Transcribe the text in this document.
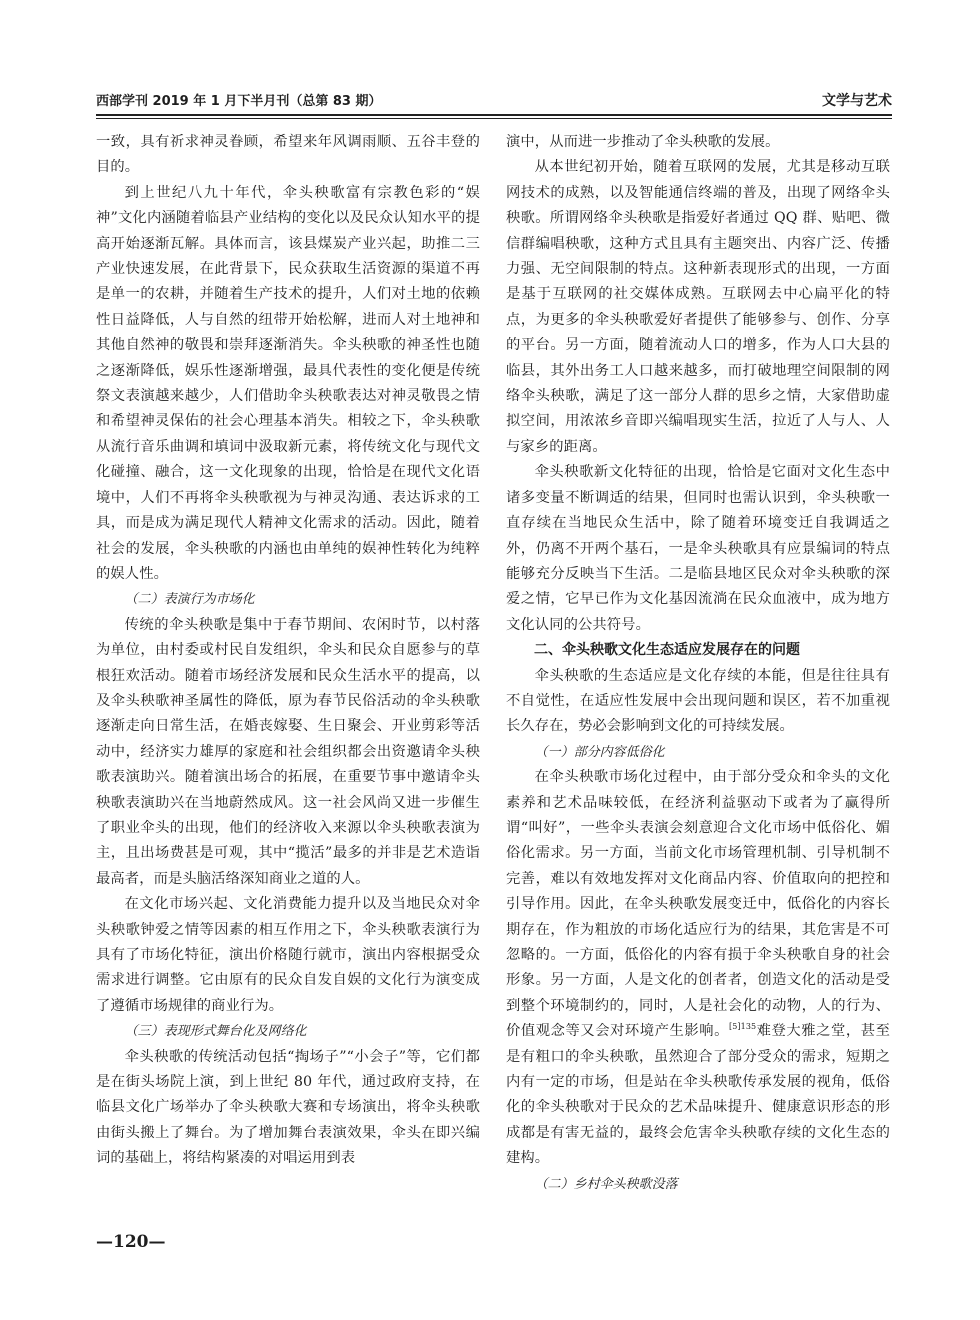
西部学刊 2019 年 1 月下半月刊（总第 83 期）	文学与艺术

一致，具有祈求神灵眷顾，希望来年风调雨顺、五谷丰登的目的。

到上世纪八九十年代，伞头秧歌富有宗教色彩的“娱神”文化内涵随着临县产业结构的变化以及民众认知水平的提高开始逐渐瓦解。具体而言，该县煤炭产业兴起，助推二三产业快速发展，在此背景下，民众获取生活资源的渠道不再是单一的农耕，并随着生产技术的提升，人们对土地的依赖性日益降低，人与自然的纽带开始松解，进而人对土地神和其他自然神的敬畏和崇拜逐渐消失。伞头秧歌的神圣性也随之逐渐降低，娱乐性逐渐增强，最具代表性的变化便是传统祭文表演越来越少，人们借助伞头秧歌表达对神灵敬畏之情和希望神灵保佑的社会心理基本消失。相较之下，伞头秧歌从流行音乐曲调和填词中汲取新元素，将传统文化与现代文化碰撞、融合，这一文化现象的出现，恰恰是在现代文化语境中，人们不再将伞头秧歌视为与神灵沟通、表达诉求的工具，而是成为满足现代人精神文化需求的活动。因此，随着社会的发展，伞头秧歌的内涵也由单纯的娱神性转化为纯粹的娱人性。

（二）表演行为市场化

传统的伞头秧歌是集中于春节期间、农闲时节，以村落为单位，由村委或村民自发组织，伞头和民众自愿参与的草根狂欢活动。随着市场经济发展和民众生活水平的提高，以及伞头秧歌神圣属性的降低，原为春节民俗活动的伞头秧歌逐渐走向日常生活，在婚丧嫁娶、生日聚会、开业剪彩等活动中，经济实力雄厚的家庭和社会组织都会出资邀请伞头秧歌表演助兴。随着演出场合的拓展，在重要节事中邀请伞头秧歌表演助兴在当地蔚然成风。这一社会风尚又进一步催生了职业伞头的出现，他们的经济收入来源以伞头秧歌表演为主，且出场费甚是可观，其中“揽活”最多的并非是艺术造诣最高者，而是头脑活络深知商业之道的人。

在文化市场兴起、文化消费能力提升以及当地民众对伞头秧歌钟爱之情等因素的相互作用之下，伞头秧歌表演行为具有了市场化特征，演出价格随行就市，演出内容根据受众需求进行调整。它由原有的民众自发自娱的文化行为演变成了遵循市场规律的商业行为。

（三）表现形式舞台化及网络化

伞头秧歌的传统活动包括“掏场子”“小会子”等，它们都是在街头场院上演，到上世纪 80 年代，通过政府支持，在临县文化广场举办了伞头秧歌大赛和专场演出，将伞头秧歌由街头搬上了舞台。为了增加舞台表演效果，伞头在即兴编词的基础上，将结构紧凑的对唱运用到表

演中，从而进一步推动了伞头秧歌的发展。

从本世纪初开始，随着互联网的发展，尤其是移动互联网技术的成熟，以及智能通信终端的普及，出现了网络伞头秧歌。所谓网络伞头秧歌是指爱好者通过 QQ 群、贴吧、微信群编唱秧歌，这种方式且具有主题突出、内容广泛、传播力强、无空间限制的特点。这种新表现形式的出现，一方面是基于互联网的社交媒体成熟。互联网去中心扁平化的特点，为更多的伞头秧歌爱好者提供了能够参与、创作、分享的平台。另一方面，随着流动人口的增多，作为人口大县的临县，其外出务工人口越来越多，而打破地理空间限制的网络伞头秧歌，满足了这一部分人群的思乡之情，大家借助虚拟空间，用浓浓乡音即兴编唱现实生活，拉近了人与人、人与家乡的距离。

伞头秧歌新文化特征的出现，恰恰是它面对文化生态中诸多变量不断调适的结果，但同时也需认识到，伞头秧歌一直存续在当地民众生活中，除了随着环境变迁自我调适之外，仍离不开两个基石，一是伞头秧歌具有应景编词的特点能够充分反映当下生活。二是临县地区民众对伞头秧歌的深爱之情，它早已作为文化基因流淌在民众血液中，成为地方文化认同的公共符号。

二、伞头秧歌文化生态适应发展存在的问题

伞头秧歌的生态适应是文化存续的本能，但是往往具有不自觉性，在适应性发展中会出现问题和误区，若不加重视长久存在，势必会影响到文化的可持续发展。

（一）部分内容低俗化

在伞头秧歌市场化过程中，由于部分受众和伞头的文化素养和艺术品味较低，在经济利益驱动下或者为了赢得所谓“叫好”，一些伞头表演会刻意迎合文化市场中低俗化、媚俗化需求。另一方面，当前文化市场管理机制、引导机制不完善，难以有效地发挥对文化商品内容、价值取向的把控和引导作用。因此，在伞头秧歌发展变迁中，低俗化的内容长期存在，作为粗放的市场化适应行为的结果，其危害是不可忽略的。一方面，低俗化的内容有损于伞头秧歌自身的社会形象。另一方面，人是文化的创者者，创造文化的活动是受到整个环境制约的，同时，人是社会化的动物，人的行为、价值观念等又会对环境产生影响。$^{[5]135}$难登大雅之堂，甚至是有粗口的伞头秧歌，虽然迎合了部分受众的需求，短期之内有一定的市场，但是站在伞头秧歌传承发展的视角，低俗化的伞头秧歌对于民众的艺术品味提升、健康意识形态的形成都是有害无益的，最终会危害伞头秧歌存续的文化生态的建构。

（二）乡村伞头秧歌没落
—120—
